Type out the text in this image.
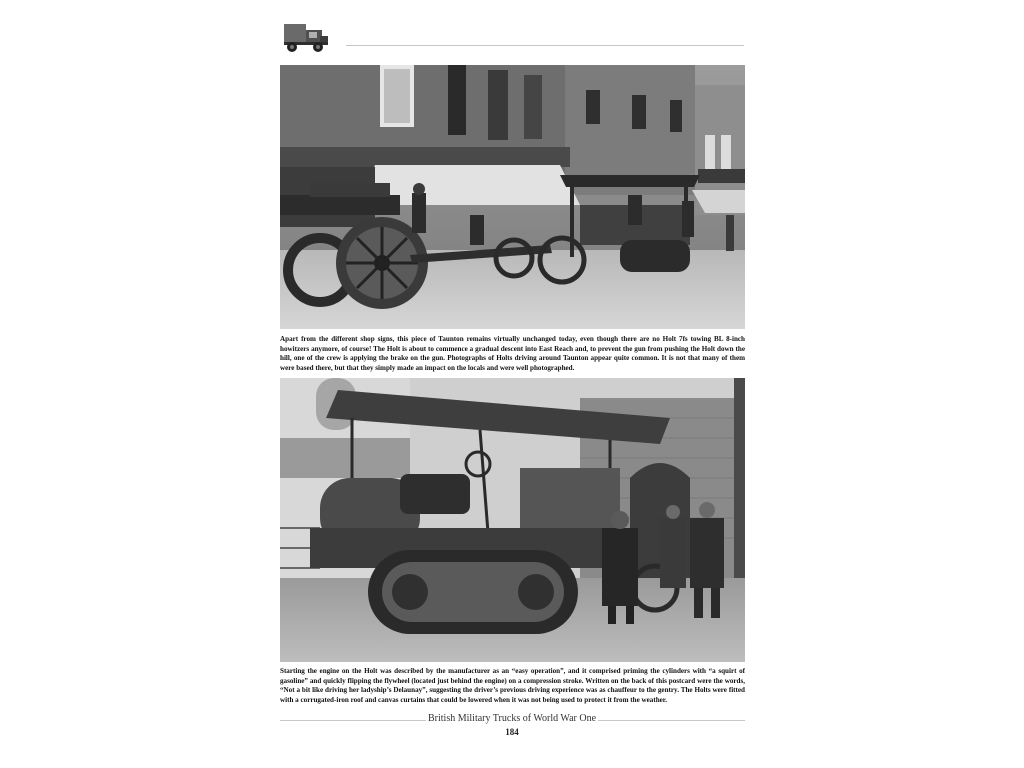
Apart from the different shop signs, this piece of Taunton remains virtually unchanged today, even though there are no Holt 7fs towing BL 8-inch howitzers anymore, of course! The Holt is about to commence a gradual descent into East Reach and, to prevent the gun from pushing the Holt down the hill, one of the crew is applying the brake on the gun. Photographs of Holts driving around Taunton appear quite common. It is not that many of them were based there, but that they simply made an impact on the locals and were well photographed.

Starting the engine on the Holt was described by the manufacturer as an “easy operation”, and it comprised priming the cylinders with “a squirt of gasoline” and quickly flipping the flywheel (located just behind the engine) on a compression stroke. Written on the back of this postcard were the words, “Not a bit like driving her ladyship’s Delaunay”, suggesting the driver’s previous driving experience was as chauffeur to the gentry. The Holts were fitted with a corrugated-iron roof and canvas curtains that could be lowered when it was not being used to protect it from the weather.

British Military Trucks of World War One
184
